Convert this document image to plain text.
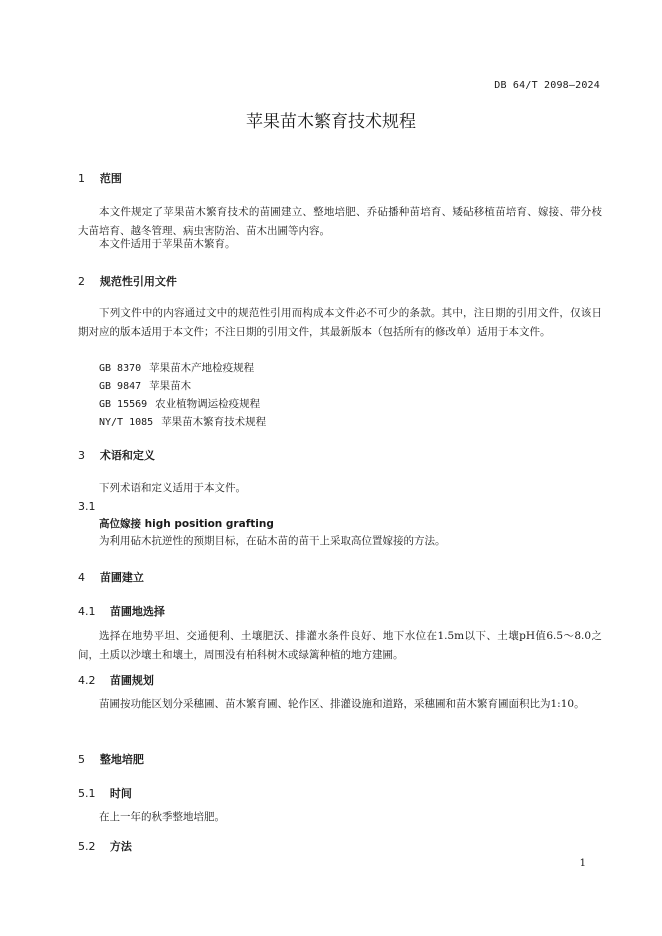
DB 64/T 2098—2024
苹果苗木繁育技术规程
1 范围

本文件规定了苹果苗木繁育技术的苗圃建立、整地培肥、乔砧播种苗培育、矮砧移植苗培育、嫁接、带分枝大苗培育、越冬管理、病虫害防治、苗木出圃等内容。

本文件适用于苹果苗木繁育。

2 规范性引用文件

下列文件中的内容通过文中的规范性引用而构成本文件必不可少的条款。其中，注日期的引用文件，仅该日期对应的版本适用于本文件；不注日期的引用文件，其最新版本（包括所有的修改单）适用于本文件。

GB 8370 苹果苗木产地检疫规程
GB 9847 苹果苗木
GB 15569 农业植物调运检疫规程
NY/T 1085 苹果苗木繁育技术规程
3 术语和定义

下列术语和定义适用于本文件。

3.1
高位嫁接 high position grafting

为利用砧木抗逆性的预期目标，在砧木苗的苗干上采取高位置嫁接的方法。

4 苗圃建立
4.1 苗圃地选择

选择在地势平坦、交通便利、土壤肥沃、排灌水条件良好、地下水位在1.5m以下、土壤pH值6.5～8.0之间，土质以沙壤土和壤土，周围没有柏科树木或绿篱种植的地方建圃。

4.2 苗圃规划

苗圃按功能区划分采穗圃、苗木繁育圃、轮作区、排灌设施和道路，采穗圃和苗木繁育圃面积比为1:10。

5 整地培肥
5.1 时间

在上一年的秋季整地培肥。

5.2 方法
1
